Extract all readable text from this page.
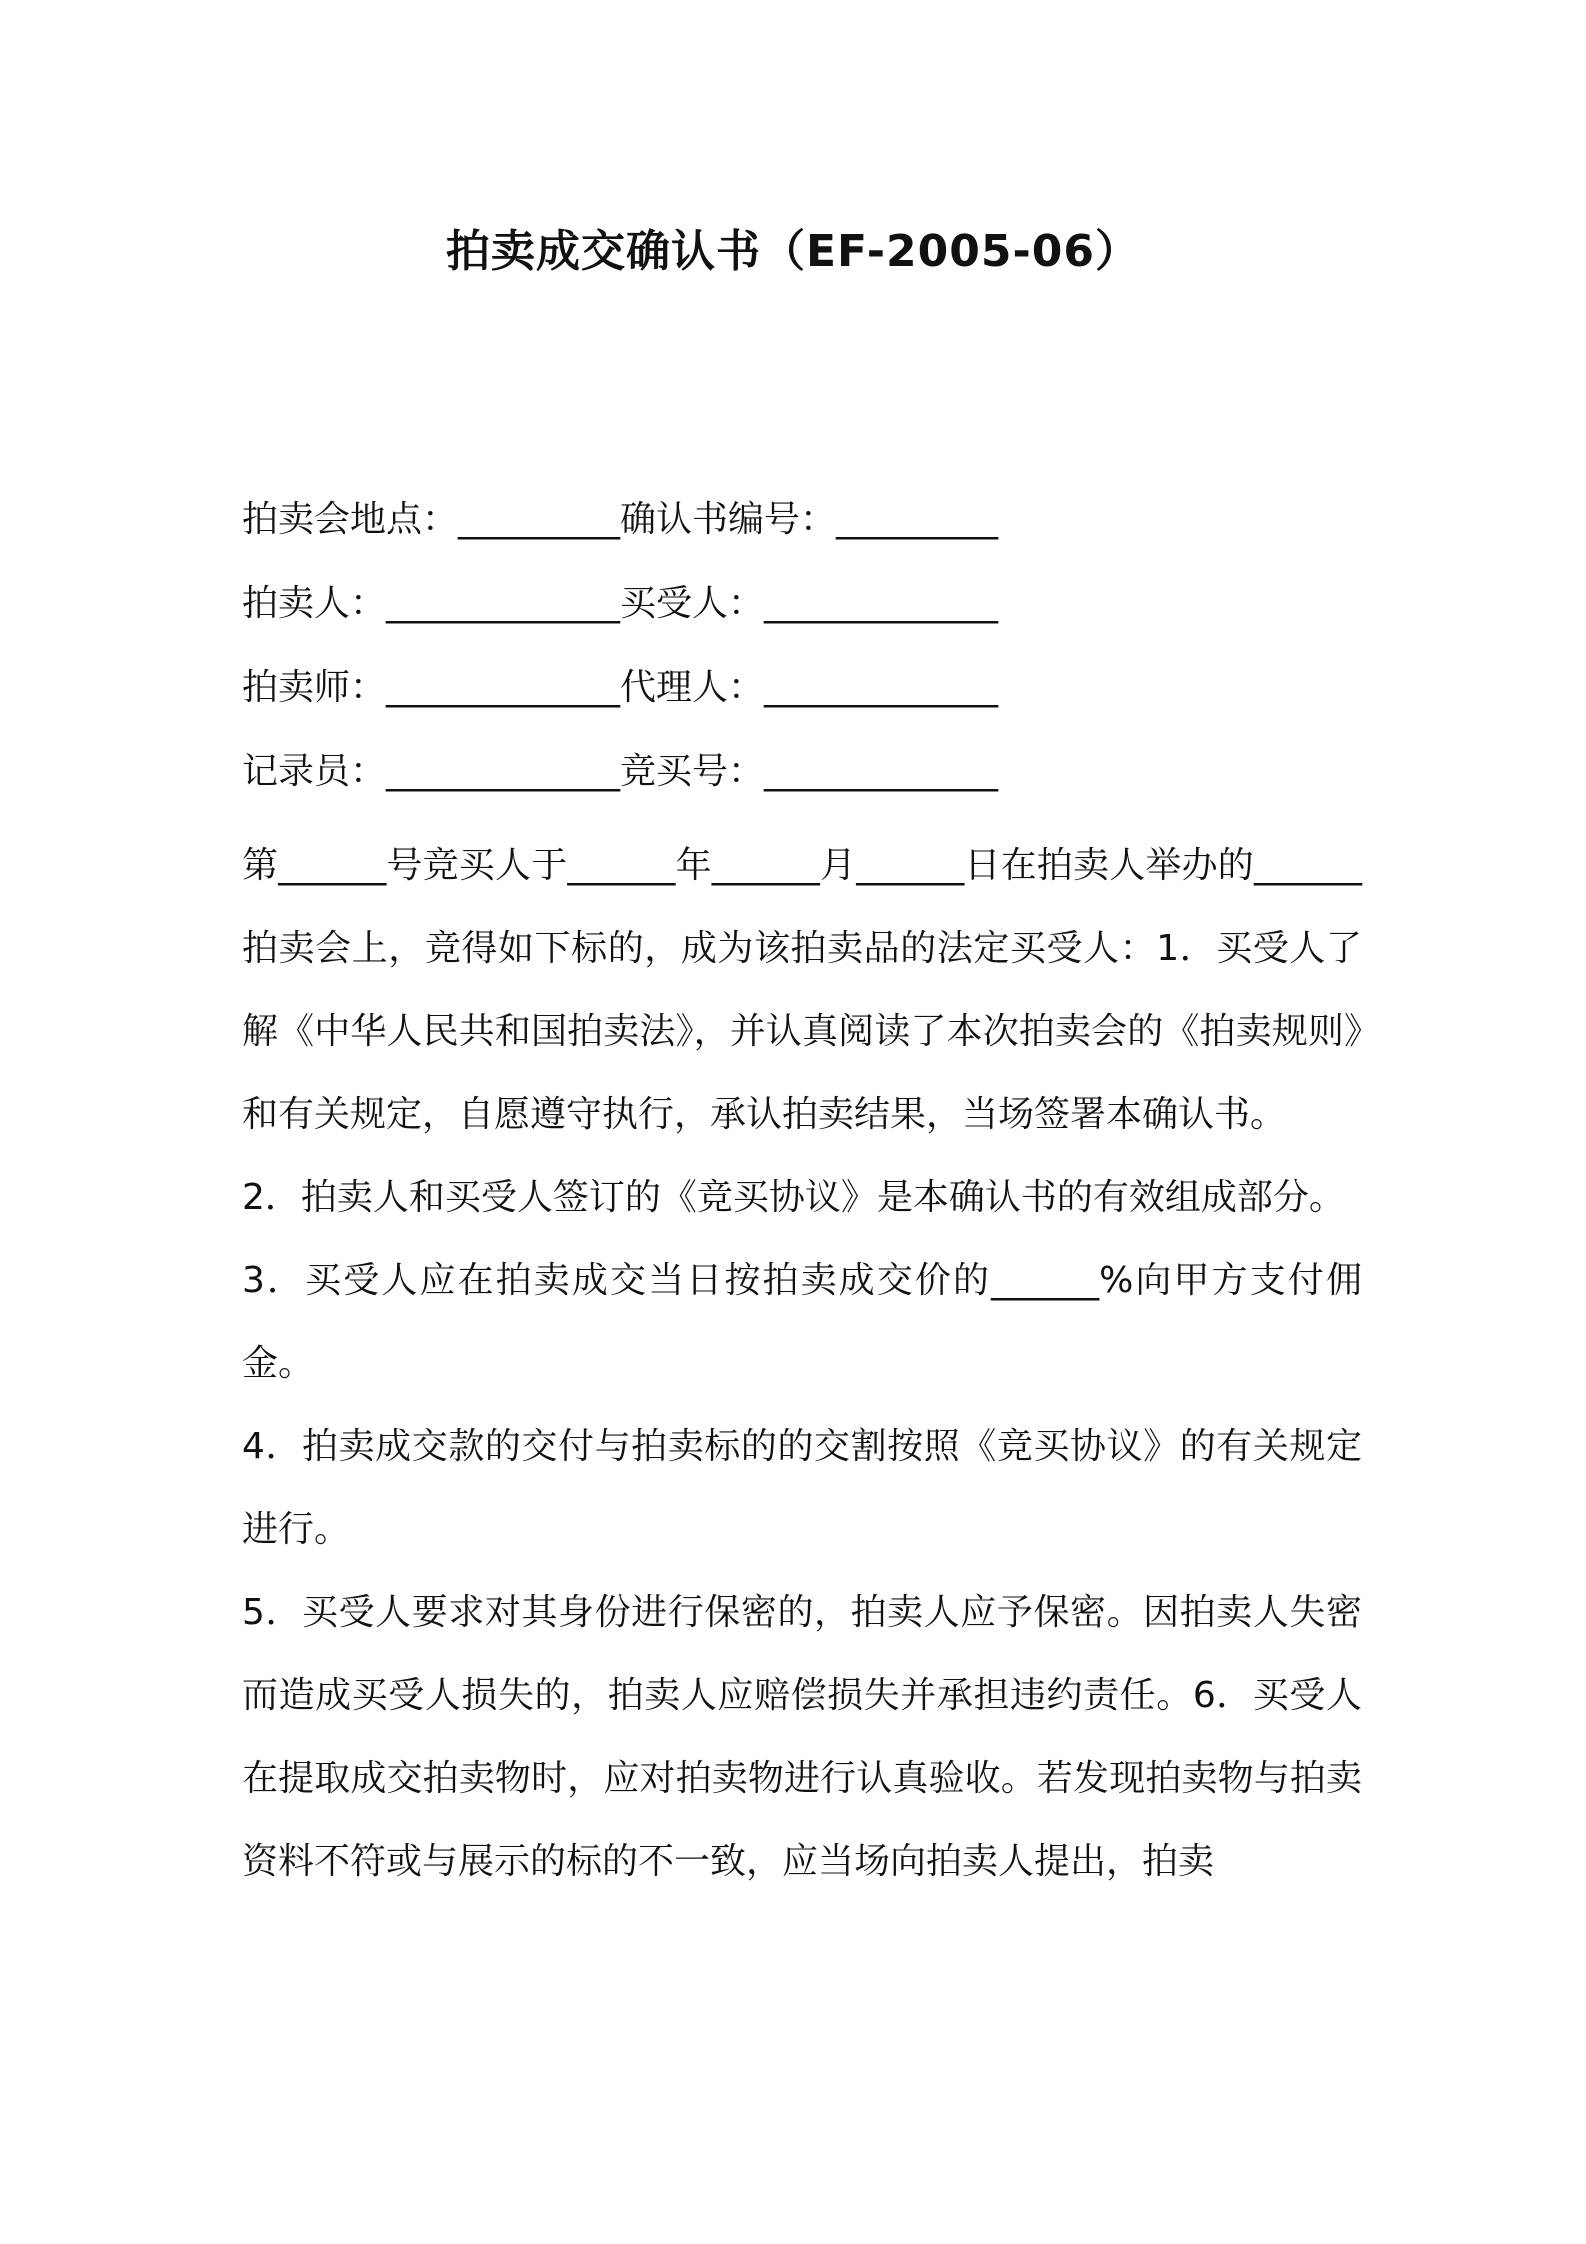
拍卖成交确认书（EF-2005-06）
拍卖会地点：_________确认书编号：_________
拍卖人：_____________买受人：_____________
拍卖师：_____________代理人：_____________
记录员：_____________竞买号：_____________

第______号竞买人于______年______月______日在拍卖人举办的______拍卖会上，竞得如下标的，成为该拍卖品的法定买受人：1．买受人了解《中华人民共和国拍卖法》，并认真阅读了本次拍卖会的《拍卖规则》和有关规定，自愿遵守执行，承认拍卖结果，当场签署本确认书。

2．拍卖人和买受人签订的《竞买协议》是本确认书的有效组成部分。

3．买受人应在拍卖成交当日按拍卖成交价的______%向甲方支付佣金。

4．拍卖成交款的交付与拍卖标的的交割按照《竞买协议》的有关规定进行。

5．买受人要求对其身份进行保密的，拍卖人应予保密。因拍卖人失密而造成买受人损失的，拍卖人应赔偿损失并承担违约责任。6．买受人在提取成交拍卖物时，应对拍卖物进行认真验收。若发现拍卖物与拍卖资料不符或与展示的标的不一致，应当场向拍卖人提出，拍卖
